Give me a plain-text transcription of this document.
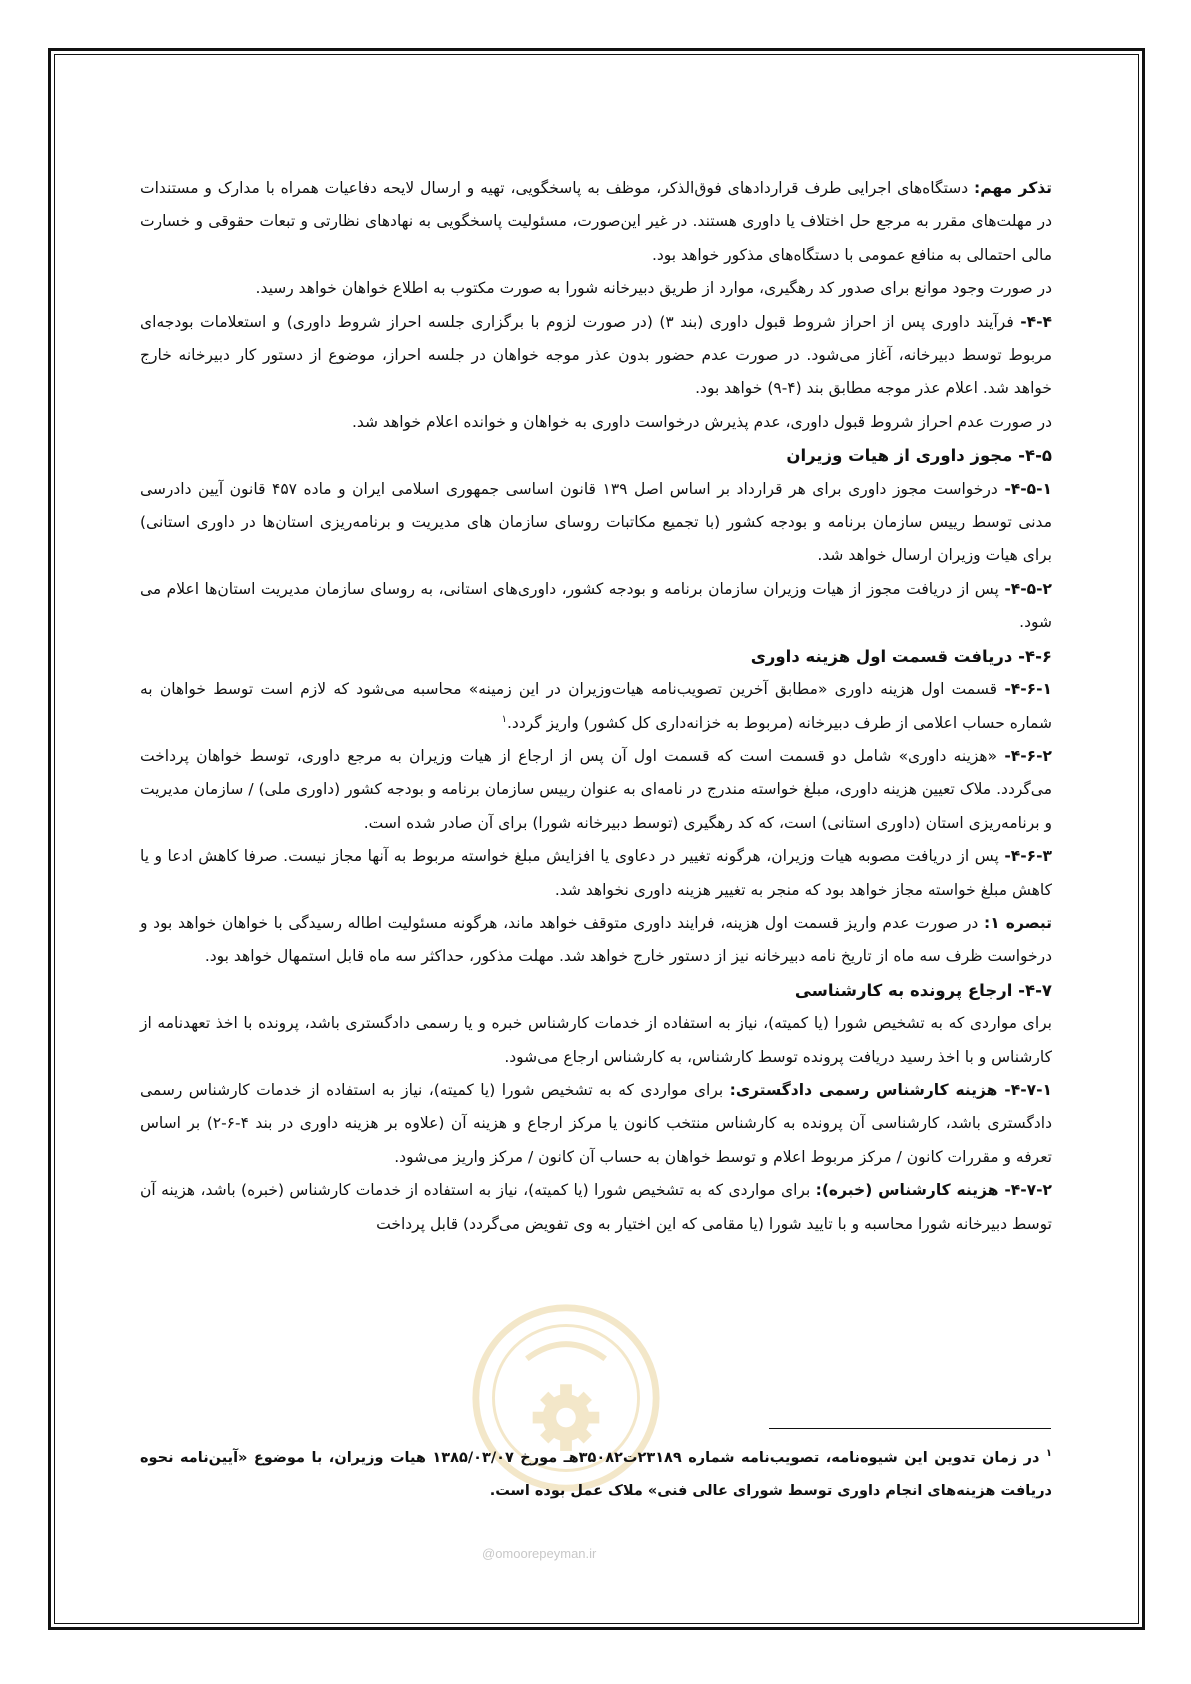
تذکر مهم: دستگاه‌های اجرایی طرف قراردادهای فوق‌الذکر، موظف به پاسخگویی، تهیه و ارسال لایحه دفاعیات همراه با مدارک و مستندات در مهلت‌های مقرر به مرجع حل اختلاف یا داوری هستند. در غیر این‌صورت، مسئولیت پاسخگویی به نهادهای نظارتی و تبعات حقوقی و خسارت مالی احتمالی به منافع عمومی با دستگاه‌های مذکور خواهد بود.

در صورت وجود موانع برای صدور کد رهگیری، موارد از طریق دبیرخانه شورا به صورت مکتوب به اطلاع خواهان خواهد رسید.

۴-۴- فرآیند داوری پس از احراز شروط قبول داوری (بند ۳) (در صورت لزوم با برگزاری جلسه احراز شروط داوری) و استعلامات بودجه‌ای مربوط توسط دبیرخانه، آغاز می‌شود. در صورت عدم حضور بدون عذر موجه خواهان در جلسه احراز، موضوع از دستور کار دبیرخانه خارج خواهد شد. اعلام عذر موجه مطابق بند (۴-۹) خواهد بود.

در صورت عدم احراز شروط قبول داوری، عدم پذیرش درخواست داوری به خواهان و خوانده اعلام خواهد شد.

۴-۵- مجوز داوری از هیات وزیران

۴-۵-۱- درخواست مجوز داوری برای هر قرارداد بر اساس اصل ۱۳۹ قانون اساسی جمهوری اسلامی ایران و ماده ۴۵۷ قانون آیین دادرسی مدنی توسط رییس سازمان برنامه و بودجه کشور (با تجمیع مکاتبات روسای سازمان های مدیریت و برنامه‌ریزی استان‌ها در داوری استانی) برای هیات وزیران ارسال خواهد شد.

۴-۵-۲- پس از دریافت مجوز از هیات وزیران سازمان برنامه و بودجه کشور، داوری‌های استانی، به روسای سازمان مدیریت استان‌ها اعلام می شود.

۴-۶- دریافت قسمت اول هزینه داوری

۴-۶-۱- قسمت اول هزینه داوری «مطابق آخرین تصویب‌نامه هیات‌وزیران در این زمینه» محاسبه می‌شود که لازم است توسط خواهان به شماره حساب اعلامی از طرف دبیرخانه (مربوط به خزانه‌داری کل کشور) واریز گردد.$^۱$

۴-۶-۲- «هزینه داوری» شامل دو قسمت است که قسمت اول آن پس از ارجاع از هیات وزیران به مرجع داوری، توسط خواهان پرداخت می‌گردد. ملاک تعیین هزینه داوری، مبلغ خواسته مندرج در نامه‌ای به عنوان رییس سازمان برنامه و بودجه کشور (داوری ملی) / سازمان مدیریت و برنامه‌ریزی استان (داوری استانی) است، که کد رهگیری (توسط دبیرخانه شورا) برای آن صادر شده است.

۴-۶-۳- پس از دریافت مصوبه هیات وزیران، هرگونه تغییر در دعاوی یا افزایش مبلغ خواسته مربوط به آنها مجاز نیست. صرفا کاهش ادعا و یا کاهش مبلغ خواسته مجاز خواهد بود که منجر به تغییر هزینه داوری نخواهد شد.

تبصره ۱: در صورت عدم واریز قسمت اول هزینه، فرایند داوری متوقف خواهد ماند، هرگونه مسئولیت اطاله رسیدگی با خواهان خواهد بود و درخواست ظرف سه ماه از تاریخ نامه دبیرخانه نیز از دستور خارج خواهد شد. مهلت مذکور، حداکثر سه ماه قابل استمهال خواهد بود.

۴-۷- ارجاع پرونده به کارشناسی

برای مواردی که به تشخیص شورا (یا کمیته)، نیاز به استفاده از خدمات کارشناس خبره و یا رسمی دادگستری باشد، پرونده با اخذ تعهدنامه از کارشناس و با اخذ رسید دریافت پرونده توسط کارشناس، به کارشناس ارجاع می‌شود.

۴-۷-۱- هزینه کارشناس رسمی دادگستری: برای مواردی که به تشخیص شورا (یا کمیته)، نیاز به استفاده از خدمات کارشناس رسمی دادگستری باشد، کارشناسی آن پرونده به کارشناس منتخب کانون یا مرکز ارجاع و هزینه آن (علاوه بر هزینه داوری در بند ۴-۶-۲) بر اساس تعرفه و مقررات کانون / مرکز مربوط اعلام و توسط خواهان به حساب آن کانون / مرکز واریز می‌شود.

۴-۷-۲- هزینه کارشناس (خبره): برای مواردی که به تشخیص شورا (یا کمیته)، نیاز به استفاده از خدمات کارشناس (خبره) باشد، هزینه آن توسط دبیرخانه شورا محاسبه و با تایید شورا (یا مقامی که این اختیار به وی تفویض می‌گردد) قابل پرداخت

$^۱$ در زمان تدوین این شیوه‌نامه، تصویب‌نامه شماره ۲۳۱۸۹ت۳۵۰۸۲هـ مورخ ۱۳۸۵/۰۳/۰۷ هیات وزیران، با موضوع «آیین‌نامه نحوه دریافت هزینه‌های انجام داوری توسط شورای عالی فنی» ملاک عمل بوده است.
@omoorepeyman.ir
